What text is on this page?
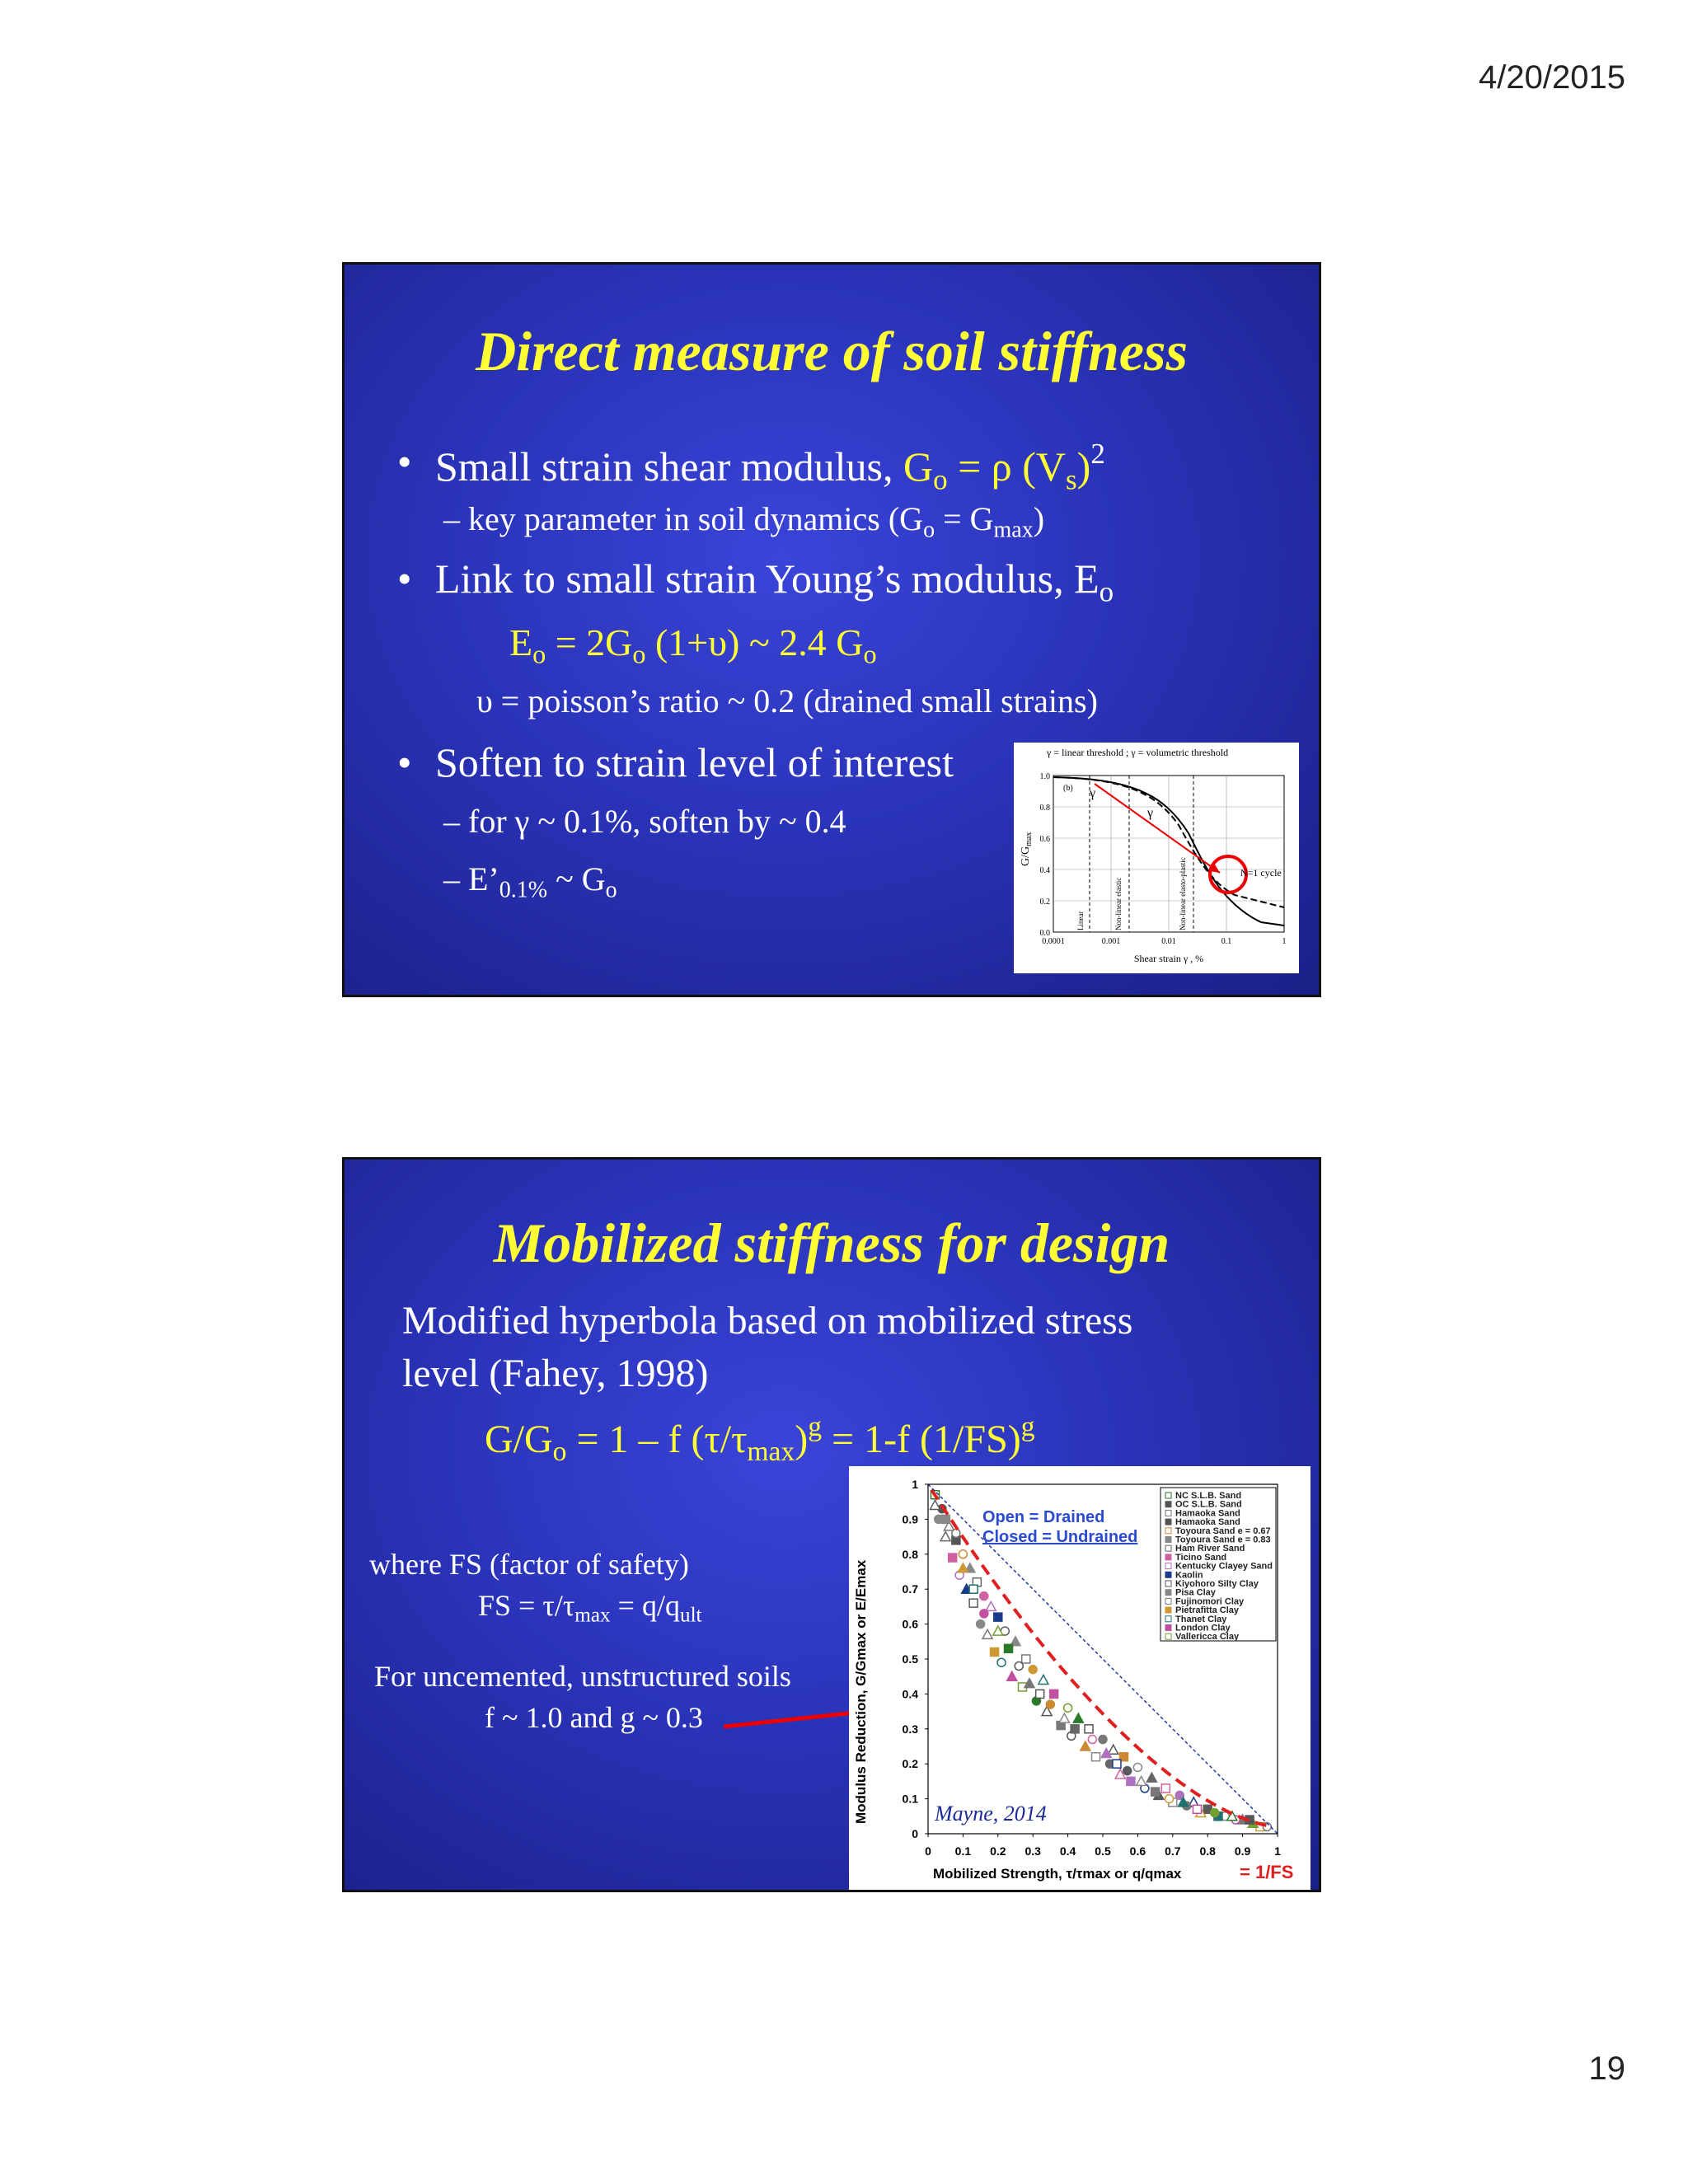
4/20/2015
Direct measure of soil stiffness
• Small strain shear modulus, $G_o = \rho$ $(V_s)^2$
– key parameter in soil dynamics $(G_o = G_{max})$
• Link to small strain Young’s modulus, $E_o$
$E_o = 2G_o$ (1+υ) ~ 2.4 $G_o$
υ = poisson’s ratio ~ 0.2 (drained small strains)
• Soften to strain level of interest
– for γ ~ 0.1%, soften by ~ 0.4
– $E’_{0.1\%}$ ~ $G_o$
γ = linear threshold ; γ = volumetric threshold
(b) γ
γ
N=1 cycle
1.0
0.8
0.6
0.4
0.2
0.0
0.0001	0.001	0.01	0.1	1
Shear strain γ , %
$G/G_{max}$
Linear	Non-linear elastic	Non-linear elasto-plastic
Mobilized stiffness for design
Modified hyperbola based on mobilized stress
level (Fahey, 1998)
$G/G_o = 1 - f$ $(\tau/\tau_{max})^g = 1-f$ $(1/FS)^g$
where FS (factor of safety)
FS = $\tau/\tau_{max} = q/q_{ult}$
For uncemented, unstructured soils
f ~ 1.0 and g ~ 0.3
Open = Drained
Closed = Undrained
Mayne, 2014
NC S.L.B. Sand
OC S.L.B. Sand
Hamaoka Sand
Hamaoka Sand
Toyoura Sand e = 0.67
Toyoura Sand e = 0.83
Ham River Sand
Ticino Sand
Kentucky Clayey Sand
Kaolin
Kiyohoro Silty Clay
Pisa Clay
Fujinomori Clay
Pietrafitta Clay
Thanet Clay
London Clay
Vallericca Clay
0
0.1
0.2
0.3
0.4
0.5
0.6
0.7
0.8
0.9
1
0 0.1 0.2 0.3 0.4 0.5 0.6 0.7 0.8 0.9 1
Mobilized Strength, τ/τmax or q/qmax	= 1/FS
Modulus Reduction, G/Gmax or E/Emax
19
